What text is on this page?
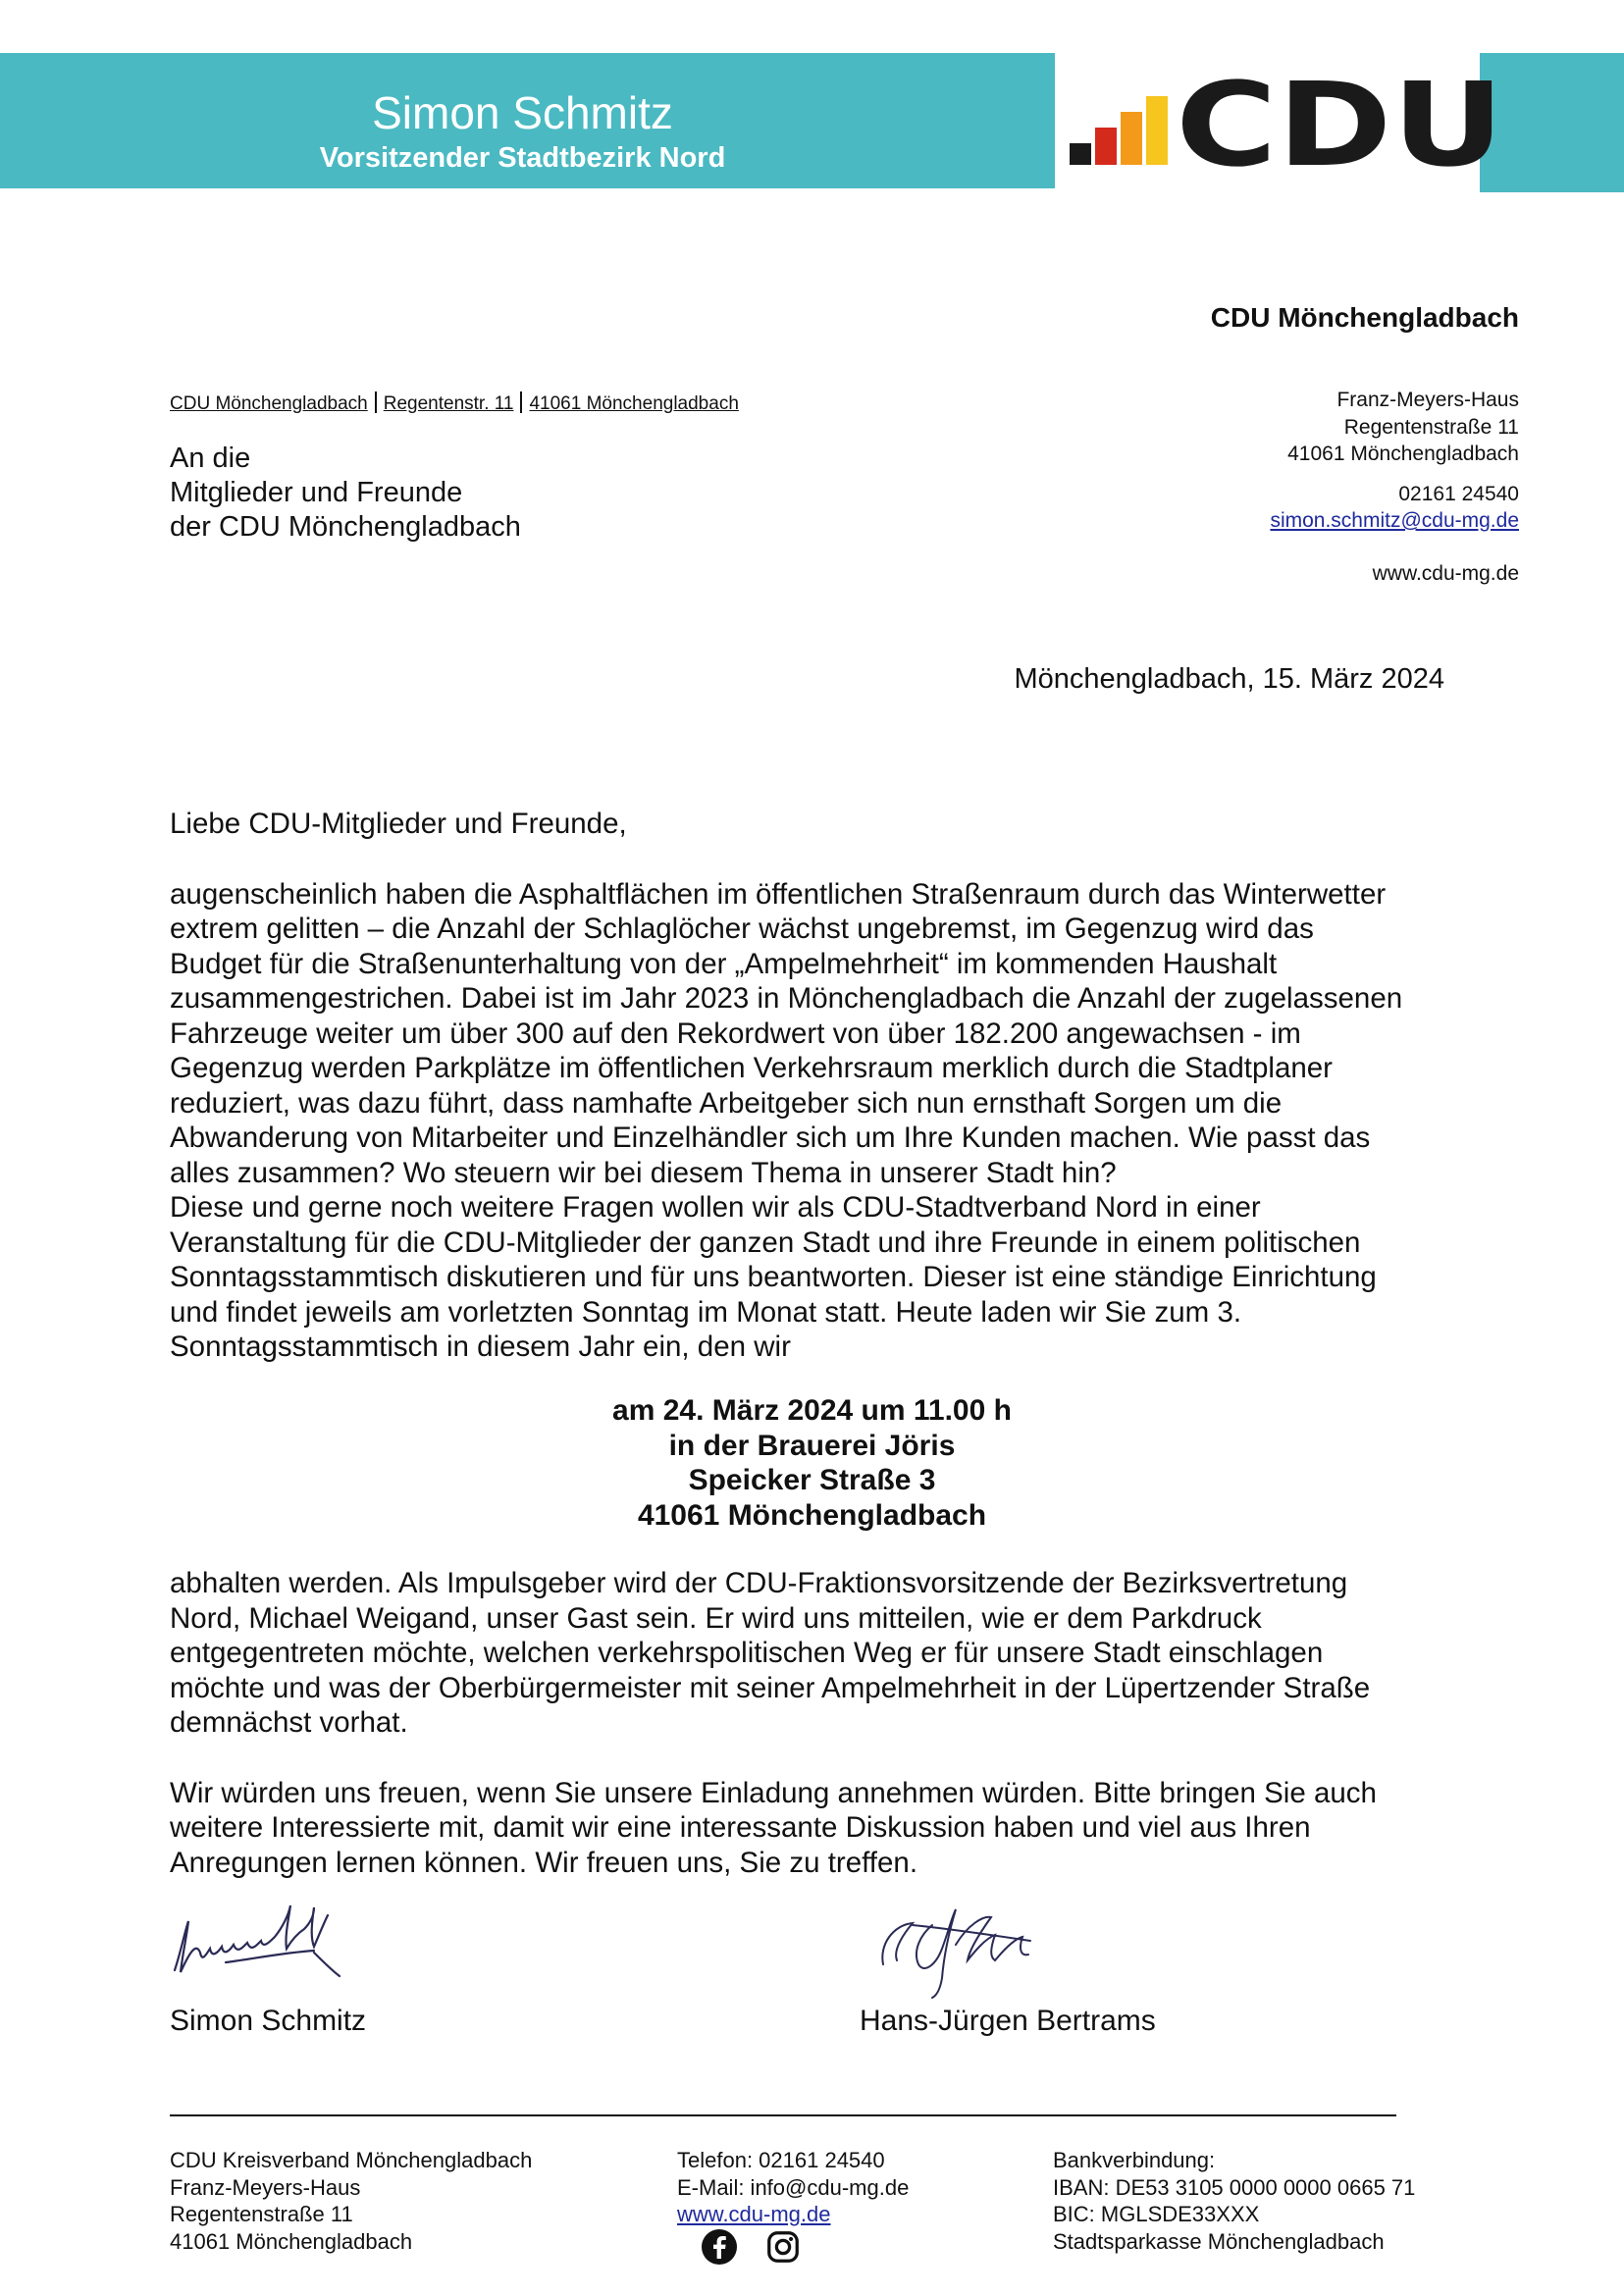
Simon Schmitz
Vorsitzender Stadtbezirk Nord	CDU
CDU Mönchengladbach
CDU Mönchengladbach Regentenstr. 11 41061 Mönchengladbach
An die
Mitglieder und Freunde
der CDU Mönchengladbach
Franz-Meyers-Haus
Regentenstraße 11
41061 Mönchengladbach
02161 24540
simon.schmitz@cdu-mg.de
www.cdu-mg.de
Mönchengladbach, 15. März 2024

Liebe CDU-Mitglieder und Freunde,

augenscheinlich haben die Asphaltflächen im öffentlichen Straßenraum durch das Winterwetter

extrem gelitten – die Anzahl der Schlaglöcher wächst ungebremst, im Gegenzug wird das

Budget für die Straßenunterhaltung von der „Ampelmehrheit“ im kommenden Haushalt

zusammengestrichen. Dabei ist im Jahr 2023 in Mönchengladbach die Anzahl der zugelassenen

Fahrzeuge weiter um über 300 auf den Rekordwert von über 182.200 angewachsen - im

Gegenzug werden Parkplätze im öffentlichen Verkehrsraum merklich durch die Stadtplaner

reduziert, was dazu führt, dass namhafte Arbeitgeber sich nun ernsthaft Sorgen um die

Abwanderung von Mitarbeiter und Einzelhändler sich um Ihre Kunden machen. Wie passt das

alles zusammen? Wo steuern wir bei diesem Thema in unserer Stadt hin?

Diese und gerne noch weitere Fragen wollen wir als CDU-Stadtverband Nord in einer

Veranstaltung für die CDU-Mitglieder der ganzen Stadt und ihre Freunde in einem politischen

Sonntagsstammtisch diskutieren und für uns beantworten. Dieser ist eine ständige Einrichtung

und findet jeweils am vorletzten Sonntag im Monat statt. Heute laden wir Sie zum 3.

Sonntagsstammtisch in diesem Jahr ein, den wir

am 24. März 2024 um 11.00 h
in der Brauerei Jöris
Speicker Straße 3
41061 Mönchengladbach

abhalten werden. Als Impulsgeber wird der CDU-Fraktionsvorsitzende der Bezirksvertretung

Nord, Michael Weigand, unser Gast sein. Er wird uns mitteilen, wie er dem Parkdruck

entgegentreten möchte, welchen verkehrspolitischen Weg er für unsere Stadt einschlagen

möchte und was der Oberbürgermeister mit seiner Ampelmehrheit in der Lüpertzender Straße

demnächst vorhat.

Wir würden uns freuen, wenn Sie unsere Einladung annehmen würden. Bitte bringen Sie auch

weitere Interessierte mit, damit wir eine interessante Diskussion haben und viel aus Ihren

Anregungen lernen können. Wir freuen uns, Sie zu treffen.

Simon Schmitz	Hans-Jürgen Bertrams
CDU Kreisverband Mönchengladbach
Franz-Meyers-Haus
Regentenstraße 11
41061 Mönchengladbach
Telefon: 02161 24540
E-Mail: info@cdu-mg.de
www.cdu-mg.de

Bankverbindung:
IBAN: DE53 3105 0000 0000 0665 71
BIC: MGLSDE33XXX
Stadtsparkasse Mönchengladbach
